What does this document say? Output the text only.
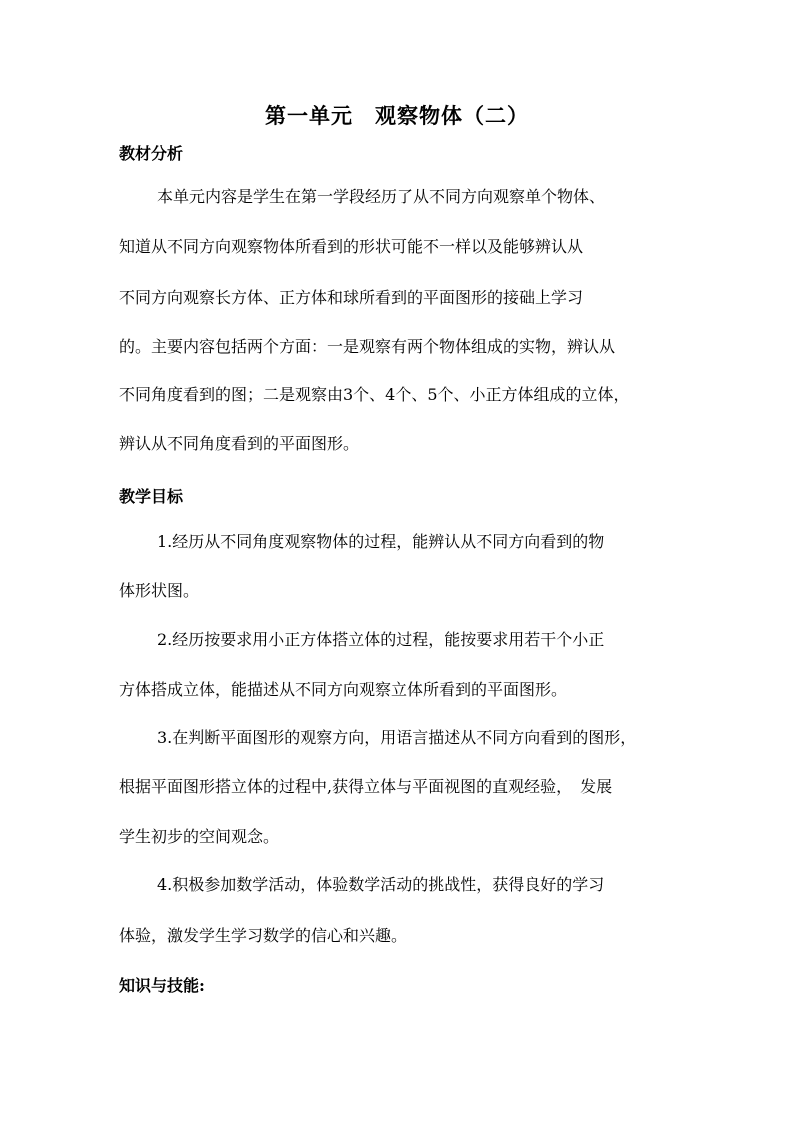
第一单元　观察物体（二）
教材分析
本单元内容是学生在第一学段经历了从不同方向观察单个物体、
知道从不同方向观察物体所看到的形状可能不一样以及能够辨认从
不同方向观察长方体、正方体和球所看到的平面图形的接础上学习
的。主要内容包括两个方面：一是观察有两个物体组成的实物，辨认从
不同角度看到的图；二是观察由3个、4个、5个、小正方体组成的立体，
辨认从不同角度看到的平面图形。
教学目标
1.经历从不同角度观察物体的过程，能辨认从不同方向看到的物
体形状图。
2.经历按要求用小正方体搭立体的过程，能按要求用若干个小正
方体搭成立体，能描述从不同方向观察立体所看到的平面图形。
3.在判断平面图形的观察方向，用语言描述从不同方向看到的图形，
根据平面图形搭立体的过程中,获得立体与平面视图的直观经验，　发展
学生初步的空间观念。
4.积极参加数学活动，体验数学活动的挑战性，获得良好的学习
体验，激发学生学习数学的信心和兴趣。
知识与技能:
